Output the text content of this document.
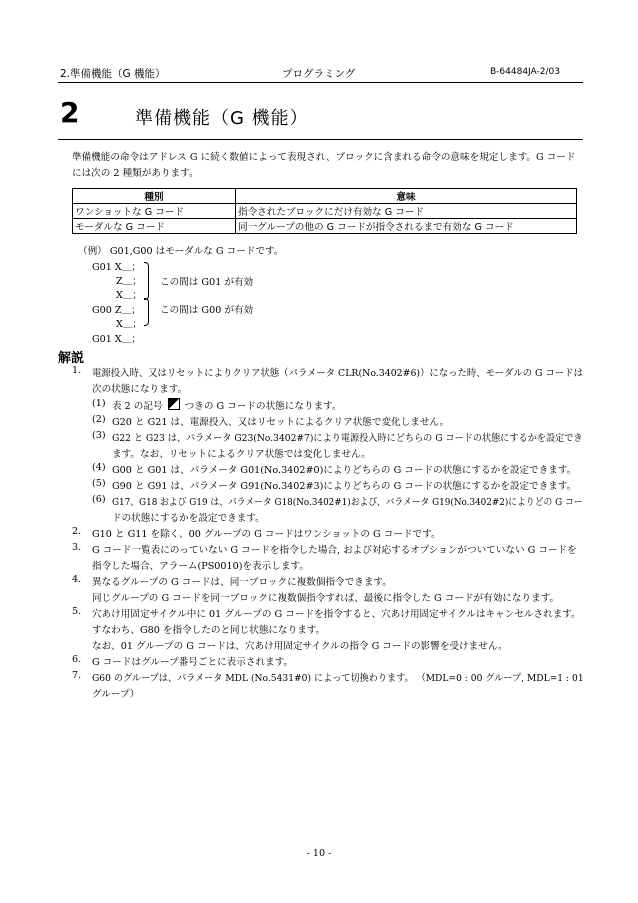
2.準備機能（G 機能）	プログラミング	B-64484JA-2/03
2	準備機能（G 機能）
準備機能の命令はアドレス G に続く数値によって表現され、ブロックに含まれる命令の意味を規定します。G コード
には次の 2 種類があります。
種別	意味
ワンショットな G コード	指令されたブロックにだけ有効な G コード
モーダルな G コード	同一グループの他の G コードが指令されるまで有効な G コード
（例） G01,G00 はモーダルな G コードです。
G01 X＿；
Z＿；
X＿；
G00 Z＿；
X＿；
G01 X＿；
この間は G01 が有効
この間は G00 が有効
解説
1. 電源投入時、又はリセットによりクリア状態（パラメータ CLR(No.3402#6)）になった時、モーダルの G コードは
次の状態になります。
(1) 表 2 の記号 つきの G コードの状態になります。
(2) G20 と G21 は、電源投入、又はリセットによるクリア状態で変化しません。
(3) G22 と G23 は、パラメータ G23(No.3402#7)により電源投入時にどちらの G コードの状態にするかを設定でき
ます。なお、リセットによるクリア状態では変化しません。
(4) G00 と G01 は、パラメータ G01(No.3402#0)によりどちらの G コードの状態にするかを設定できます。
(5) G90 と G91 は、パラメータ G91(No.3402#3)によりどちらの G コードの状態にするかを設定できます。
(6) G17、G18 および G19 は、パラメータ G18(No.3402#1)および、パラメータ G19(No.3402#2)によりどの G コー
ドの状態にするかを設定できます。
2. G10 と G11 を除く、00 グループの G コードはワンショットの G コードです。
3. G コード一覧表にのっていない G コードを指令した場合, および対応するオプションがついていない G コードを
指令した場合、アラーム(PS0010)を表示します。
4. 異なるグループの G コードは、同一ブロックに複数個指令できます。
同じグループの G コードを同一ブロックに複数個指令すれば、最後に指令した G コードが有効になります。
5. 穴あけ用固定サイクル中に 01 グループの G コードを指令すると、穴あけ用固定サイクルはキャンセルされます。
すなわち、G80 を指令したのと同じ状態になります。
なお、01 グループの G コードは、穴あけ用固定サイクルの指令 G コードの影響を受けません。
6. G コードはグループ番号ごとに表示されます。
7. G60 のグループは、パラメータ MDL (No.5431#0) によって切換わります。 （MDL=0 : 00 グループ, MDL=1 : 01
グループ）
- 10 -
